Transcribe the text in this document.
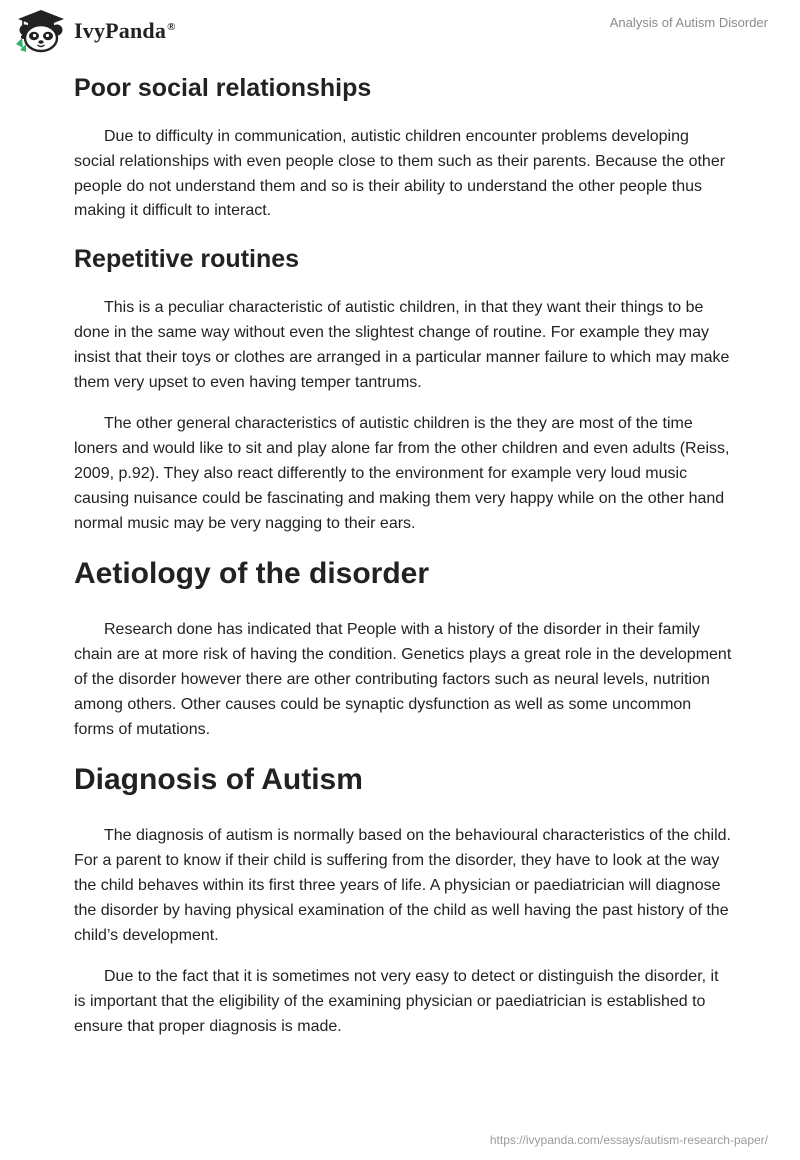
IvyPanda®	Analysis of Autism Disorder
Poor social relationships

Due to difficulty in communication, autistic children encounter problems developing social relationships with even people close to them such as their parents. Because the other people do not understand them and so is their ability to understand the other people thus making it difficult to interact.

Repetitive routines

This is a peculiar characteristic of autistic children, in that they want their things to be done in the same way without even the slightest change of routine. For example they may insist that their toys or clothes are arranged in a particular manner failure to which may make them very upset to even having temper tantrums.

The other general characteristics of autistic children is the they are most of the time loners and would like to sit and play alone far from the other children and even adults (Reiss, 2009, p.92). They also react differently to the environment for example very loud music causing nuisance could be fascinating and making them very happy while on the other hand normal music may be very nagging to their ears.

Aetiology of the disorder

Research done has indicated that People with a history of the disorder in their family chain are at more risk of having the condition. Genetics plays a great role in the development of the disorder however there are other contributing factors such as neural levels, nutrition among others. Other causes could be synaptic dysfunction as well as some uncommon forms of mutations.

Diagnosis of Autism

The diagnosis of autism is normally based on the behavioural characteristics of the child. For a parent to know if their child is suffering from the disorder, they have to look at the way the child behaves within its first three years of life. A physician or paediatrician will diagnose the disorder by having physical examination of the child as well having the past history of the child’s development.

Due to the fact that it is sometimes not very easy to detect or distinguish the disorder, it is important that the eligibility of the examining physician or paediatrician is established to ensure that proper diagnosis is made.

https://ivypanda.com/essays/autism-research-paper/
